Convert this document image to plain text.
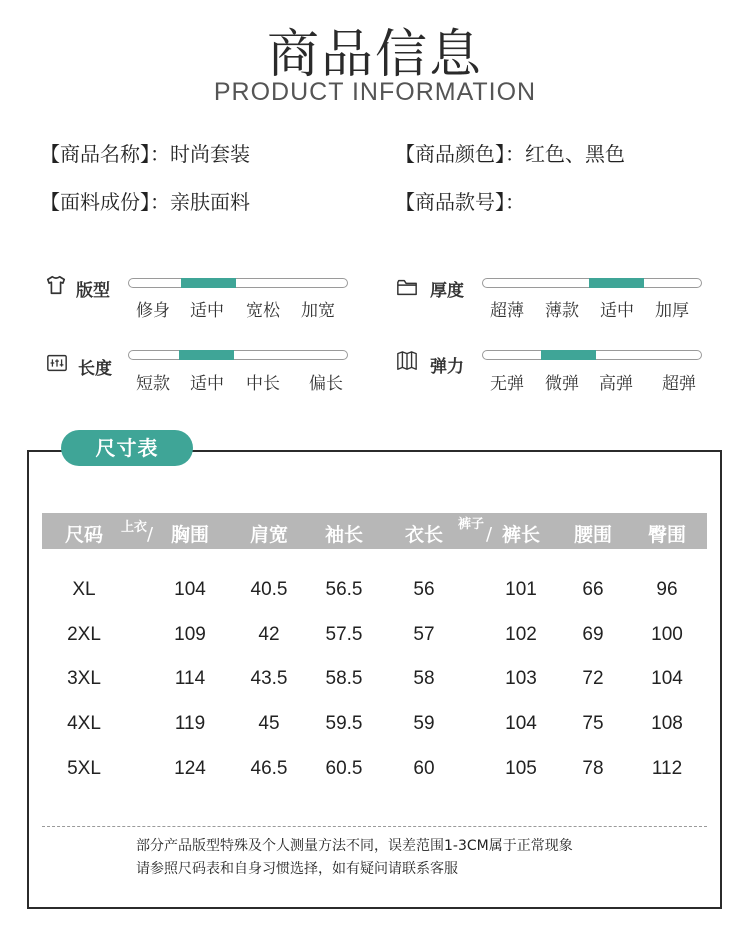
商品信息
PRODUCT INFORMATION
【商品名称】：时尚套装	【商品颜色】：红色、黑色
【面料成份】：亲肤面料	【商品款号】：
版型
修身 适中 宽松 加宽
厚度
超薄 薄款 适中 加厚
长度
短款 适中 中长 偏长
弹力
无弹 微弹 高弹 超弹
尺寸表
尺码 上衣 / 胸围 肩宽 袖长 衣长 裤子 / 裤长 腰围 臀围
XL	104 40.5 56.5	56	101 66	96
2XL	109	42 57.5	57	102 69	100
3XL	114 43.5 58.5	58	103 72	104
4XL	119	45 59.5	59	104 75	108
5XL	124 46.5 60.5	60	105 78	112
部分产品版型特殊及个人测量方法不同，误差范围1-3CM属于正常现象
请参照尺码表和自身习惯选择，如有疑问请联系客服
